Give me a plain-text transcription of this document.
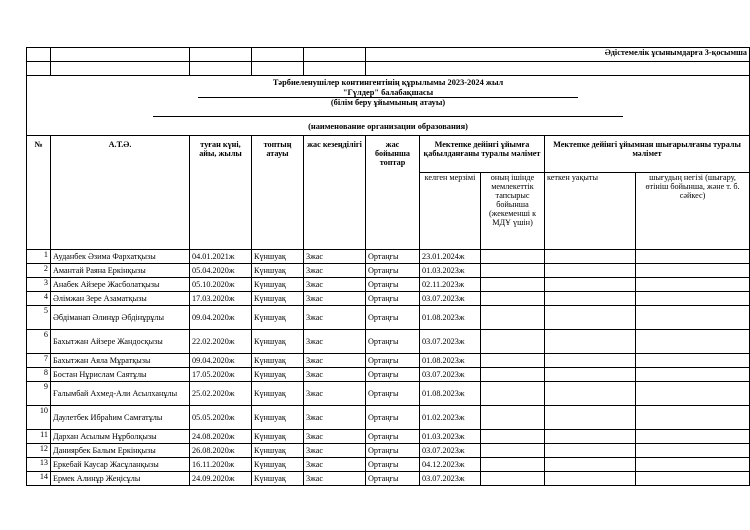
					Әдістемелік ұсынымдарға 3-қосымша				

Тәрбиеленушілер контингентінің құрылымы 2023-2024 жыл
"Гүлдер" балабақшасы
(білім беру ұйымының атауы)
(наименование организации образования)									

№	А.Т.Ә.	туған күні, айы, жылы	топтың атауы	жас кезеңділігі	жас бойынша топтар	Мектепке дейінгі ұйымға қабылданғаны туралы мәлімет		Мектепке дейінгі ұйымнан шығарылғаны туралы мәлімет	
						келген мерзімі	оның ішінде мемлекеттік тапсырыс бойынша (жекеменші к МДҰ үшін)	кеткен уақыты	шығудың негізі (шығару, өтініш бойынша, және т. б. сәйкес)
1	Ауданбек Әзима Фархатқызы	04.01.2021ж	Күншуақ	3жас	Ортаңғы	23.01.2024ж			
2	Амантай Раяна Еркінқызы	05.04.2020ж	Күншуақ	3жас	Ортаңғы	01.03.2023ж			
3	Анабек Айзере Жасболатқызы	05.10.2020ж	Күншуақ	3жас	Ортаңғы	02.11.2023ж			
4	Әлімжан Зере Азаматқызы	17.03.2020ж	Күншуақ	3жас	Ортаңғы	03.07.2023ж			
5	Әбдіманап Әлинұр Әбдінұрұлы	09.04.2020ж	Күншуақ	3жас	Ортаңғы	01.08.2023ж			
6	Бахытжан Айзере Жандосқызы	22.02.2020ж	Күншуақ	3жас	Ортаңғы	03.07.2023ж			
7	Бахытжан Аяла Мұратқызы	09.04.2020ж	Күншуақ	3жас	Ортаңғы	01.08.2023ж			
8	Бостан Нұрислам Саятұлы	17.05.2020ж	Күншуақ	3жас	Ортаңғы	03.07.2023ж			
9	Ғалымбай Ахмед-Али Асылханұлы	25.02.2020ж	Күншуақ	3жас	Ортаңғы	01.08.2023ж			
10	Даулетбек Ибраһим Самғатұлы	05.05.2020ж	Күншуақ	3жас	Ортаңғы	01.02.2023ж			
11	Дархан Асылым Нұрболқызы	24.08.2020ж	Күншуақ	3жас	Ортаңғы	01.03.2023ж			
12	Даниярбек Балым Еркінқызы	26.08.2020ж	Күншуақ	3жас	Ортаңғы	03.07.2023ж			
13	Еркебай Каусар Жасұланқызы	16.11.2020ж	Күншуақ	3жас	Ортаңғы	04.12.2023ж			
14	Ермек Алинұр Жеңісұлы	24.09.2020ж	Күншуақ	3жас	Ортаңғы	03.07.2023ж			
